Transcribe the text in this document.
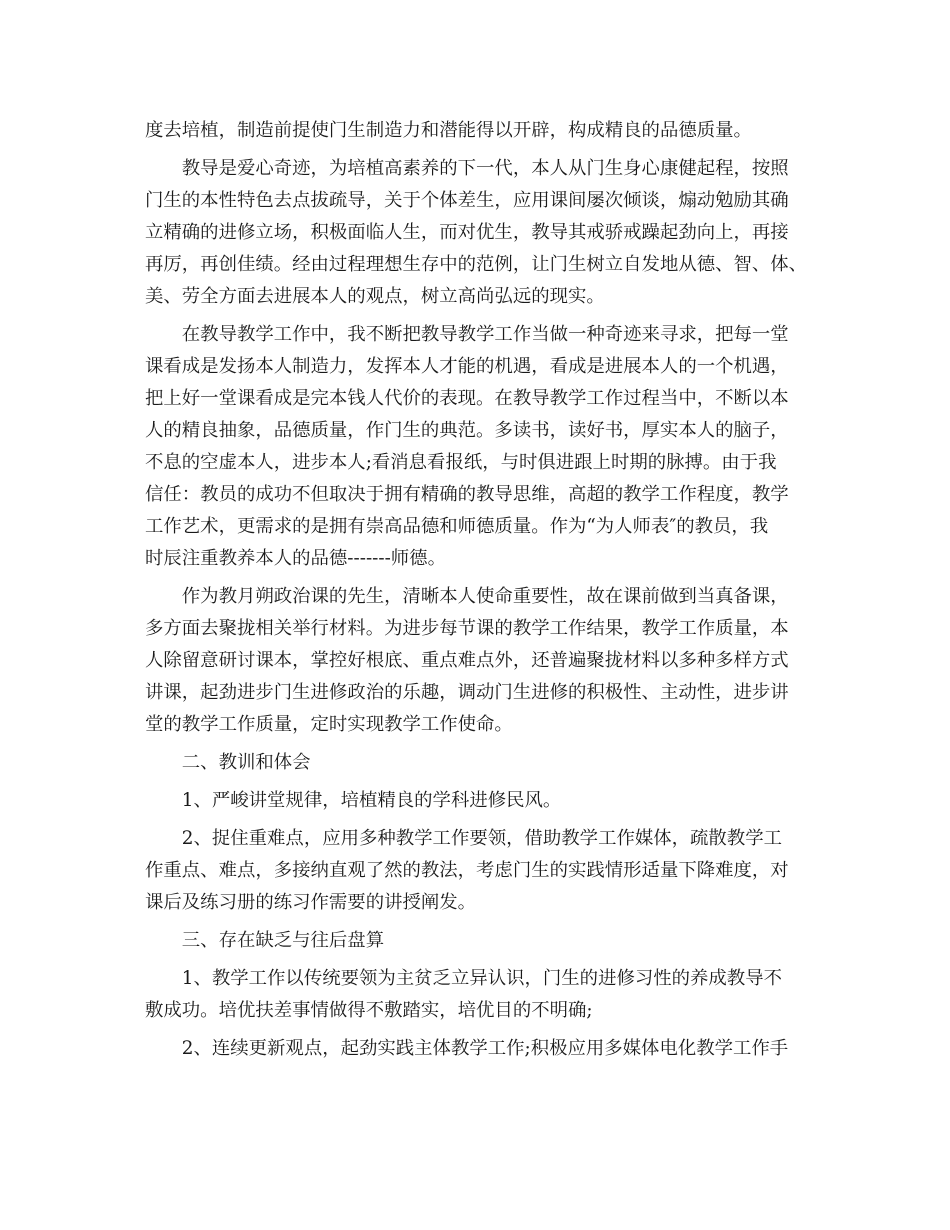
度去培植，制造前提使门生制造力和潜能得以开辟，构成精良的品德质量。
　　教导是爱心奇迹，为培植高素养的下一代，本人从门生身心康健起程，按照
门生的本性特色去点拔疏导，关于个体差生，应用课间屡次倾谈，煽动勉励其确
立精确的进修立场，积极面临人生，而对优生，教导其戒骄戒躁起劲向上，再接
再厉，再创佳绩。经由过程理想生存中的范例，让门生树立自发地从德、智、体、
美、劳全方面去进展本人的观点，树立高尚弘远的现实。
　　在教导教学工作中，我不断把教导教学工作当做一种奇迹来寻求，把每一堂
课看成是发扬本人制造力，发挥本人才能的机遇，看成是进展本人的一个机遇，
把上好一堂课看成是完本钱人代价的表现。在教导教学工作过程当中，不断以本
人的精良抽象，品德质量，作门生的典范。多读书，读好书，厚实本人的脑子，
不息的空虚本人，进步本人;看消息看报纸，与时俱进跟上时期的脉搏。由于我
信任：教员的成功不但取决于拥有精确的教导思维，高超的教学工作程度，教学
工作艺术，更需求的是拥有崇高品德和师德质量。作为“为人师表″的教员，我
时辰注重教养本人的品德-------师德。
　　作为教月朔政治课的先生，清晰本人使命重要性，故在课前做到当真备课，
多方面去聚拢相关举行材料。为进步每节课的教学工作结果，教学工作质量，本
人除留意研讨课本，掌控好根底、重点难点外，还普遍聚拢材料以多种多样方式
讲课，起劲进步门生进修政治的乐趣，调动门生进修的积极性、主动性，进步讲
堂的教学工作质量，定时实现教学工作使命。
　　二、教训和体会
　　1、严峻讲堂规律，培植精良的学科进修民风。
　　2、捉住重难点，应用多种教学工作要领，借助教学工作媒体，疏散教学工
作重点、难点，多接纳直观了然的教法，考虑门生的实践情形适量下降难度，对
课后及练习册的练习作需要的讲授阐发。
　　三、存在缺乏与往后盘算
　　1、教学工作以传统要领为主贫乏立异认识，门生的进修习性的养成教导不
敷成功。培优扶差事情做得不敷踏实，培优目的不明确;
　　2、连续更新观点，起劲实践主体教学工作;积极应用多媒体电化教学工作手
